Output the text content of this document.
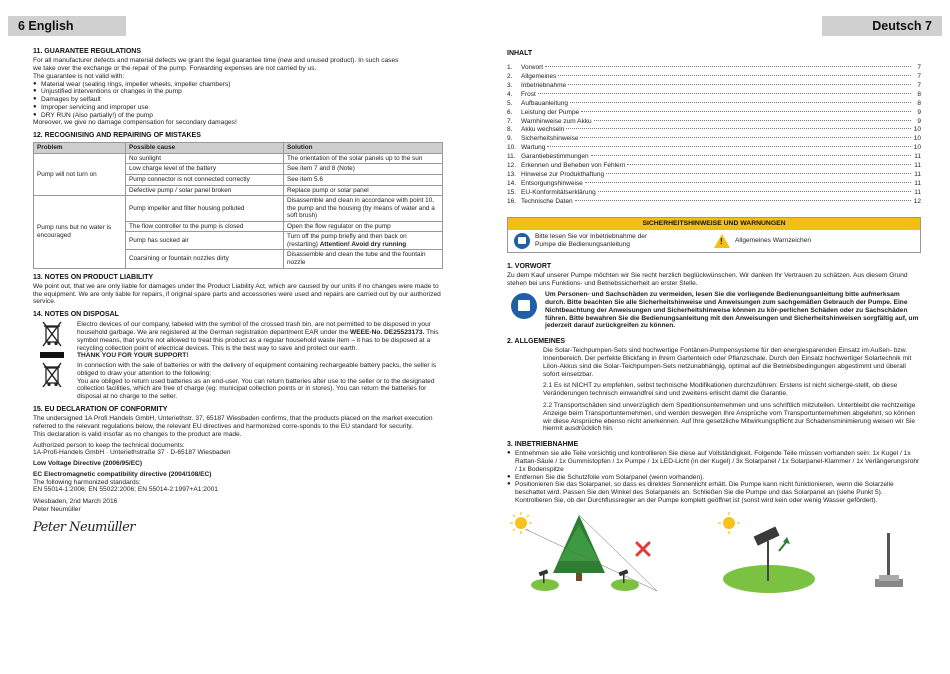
6 English
11. GUARANTEE REGULATIONS
For all manufacturer defects and material defects we grant the legal guarantee time (new and unused product). In such cases
we take over the exchange or the repair of the pump. Forwarding expenses are not carried by us.
The guarantee is not valid with:
● Material wear (sealing rings, impeller wheels, impeller chambers)
● Unjustified interventions or changes in the pump
● Damages by selfault
● Improper servicing and improper use
● DRY RUN (Also partially!) of the pump
Moreover, we give no damage compensation for secondary damages!
12. RECOGNISING AND REPAIRING OF MISTAKES
Problem	Possible cause	Solution
Pump will not turn on	No sunlight	The orientation of the solar panels up to the sun
	Low charge level of the battery	See item 7 and 8 (Note)
	Pump connector is not connected correctly	See item 5.6
	Defective pump / solar panel broken	Replace pump or solar panel
Pump runs but no water is encouraged	Pump impeller and filter housing polluted	Disassemble and clean in accordance with point 10, the pump and the housing (by means of water and a soft brush)
	The flow controller to the pump is closed	Open the flow regulator on the pump
	Pump has sucked air	Turn off the pump briefly and then back on (restarting) Attention! Avoid dry running
	Coarsining or fountain nozzles dirty	Disassemble and clean the tube and the fountain nozzle
13. NOTES ON PRODUCT LIABILITY
We point out, that we are only liable for damages under the Product Liability Act, which are caused by our units if no changes were made to the equipment. We are only liable for repairs, if original spare parts and accessories were used and repairs are carried out by our authorized service.
14. NOTES ON DISPOSAL
Electro devices of our company, labeled with the symbol of the crossed trash bin, are not permitted to be disposed in your household garbage. We are registered at the German registration department EAR under the WEEE-No. DE25523173. This symbol means, that you're not allowed to treat this product as a regular household waste item – it has to be disposed at a recycling collection point of electrical devices. This is the best way to save and protect our earth.
THANK YOU FOR YOUR SUPPORT!
In connection with the sale of batteries or with the delivery of equipment containing rechargeable battery packs, the seller is obliged to draw your attention to the following:
You are obliged to return used batteries as an end-user. You can return batteries after use to the seller or to the designated collection facilities, which are free of charge (eg: municipal collection points or in stores). You can return the batteries for disposal at no charge to the seller.
15. EU DECLARATION OF CONFORMITY
The undersigned 1A Profi Handels GmbH, Unteriethstr. 37, 65187 Wiesbaden confirms, that the products placed on the market execution referred to the relevant regulations below, the relevant EU directives and harmonized corre-sponds to the EU standard for security.
This declaration is valid insofar as no changes to the product are made.
Authorized person to keep the technical documents:
1A-Profi-Handels GmbH · Unteriethstraße 37 · D-65187 Wiesbaden
Low Voltage Directive (2006/95/EC)
EC Electromagnetic compatibility directive (2004/108/EC)
The following harmonized standards:
EN 55014-1:2006; EN 55022:2006; EN 55014-2:1997+A1:2001
Wiesbaden, 2nd March 2016
Peter Neumüller
Peter Neumüller
Deutsch 7
INHALT
1.	Vorwort	7
2.	Allgemeines	7
3.	Inbetriebnahme	7
4.	Frost	8
5.	Aufbauanleitung	8
6.	Leistung der Pumpe	9
7.	Warnhinweise zum Akku	9
8.	Akku wechseln	10
9.	Sicherheitshinweise	10
10. Wartung	10
11. Garantiebestimmungen	11
12. Erkennen und Beheben von Fehlern	11
13. Hinweise zur Produkthaftung	11
14. Entsorgungshinweise	11
15. EU-Konformitätserklärung	11
16. Technische Daten	12
SICHERHEITSHINWEISE UND WARNUNGEN
Bitte lesen Sie vor Inbetriebnahme der Pumpe die Bedienungsanleitung	! Allgemeines Warnzeichen
1. VORWORT
Zu dem Kauf unserer Pumpe möchten wir Sie recht herzlich beglückwünschen. Wir danken Ihr Vertrauen zu schätzen. Aus diesem Grund stehen bei uns Funktions- und Betriebssicherheit an erster Stelle.
Um Personen- und Sachschäden zu vermeiden, lesen Sie die vorliegende Bedienungsanleitung bitte aufmerksam durch. Bitte beachten Sie alle Sicherheitshinweise und Anweisungen zum sachgemäßen Gebrauch der Pumpe. Eine Nichtbeachtung der Anweisungen und Sicherheitshinweise können zu kör-perlichen Schäden oder zu Sachschäden führen. Bitte bewahren Sie die Bedienungsanleitung mit den Anweisungen und Sicherheitshinweisen sorgfältig auf, um jederzeit darauf zurückgreifen zu können.
2. ALLGEMEINES
Die Solar-Teichpumpen-Sets sind hochwertige Fontänen-Pumpensysteme für den energiesparenden Einsatz im Außen- bzw. Innenbereich. Der perfekte Blickfang in Ihrem Gartenteich oder Pflanzschale. Durch den Einsatz hochwertiger Solartechnik mit LiIon-Akkus sind die Solar-Teichpumpen-Sets netzunabhängig, optimal auf die Betriebsbedingungen abgestimmt und überall sofort einsetzbar.
2.1 Es ist NICHT zu empfehlen, selbst technische Modifikationen durchzuführen: Erstens ist nicht sicherge-stellt, ob diese Veränderungen technisch einwandfrei sind und zweitens erlischt damit die Garantie.
2.2 Transportschäden sind unverzüglich dem Speditionsunternehmen und uns schriftlich mitzuteilen. Unterbleibt die rechtzeitige Anzeige beim Transportunternehmen, und werden deswegen Ihre Ansprüche vom Transportunternehmen abgelehnt, so können wir diese Ansprüche ebenso nicht anerkennen. Auf Ihre gesetzliche Mitwirkungspflicht zur Schadensminimierung weisen wir Sie hiermit ausdrücklich hin.
3. INBETRIEBNAHME
● Entnehmen sie alle Teile vorsichtig und kontrollieren Sie diese auf Vollständigkeit. Folgende Teile müssen vorhanden sein: 1x Kugel / 1x Rattan-Säule / 1x Gummistopfen / 1x Pumpe / 1x LED-Licht (in der Kugel) / 3x Solarpanel / 1x Solarpanel-Klammer / 1x Verlängerungsrohr / 1x Bodenspitze
● Entfernen Sie die Schutzfolie vom Solarpanel (wenn vorhanden).
● Positionieren Sie das Solarpanel, so dass es direktes Sonnenlicht erhält. Die Pumpe kann nicht funktionieren, wenn die Solarzelle beschattet wird. Passen Sie den Winkel des Solarpanels an. Schließen Sie die Pumpe und das Solarpanel an (siehe Punkt 5). Kontrollieren Sie, ob der Durchflussregler an der Pumpe komplett geöffnet ist (sonst wird kein oder wenig Wasser gefördert).
